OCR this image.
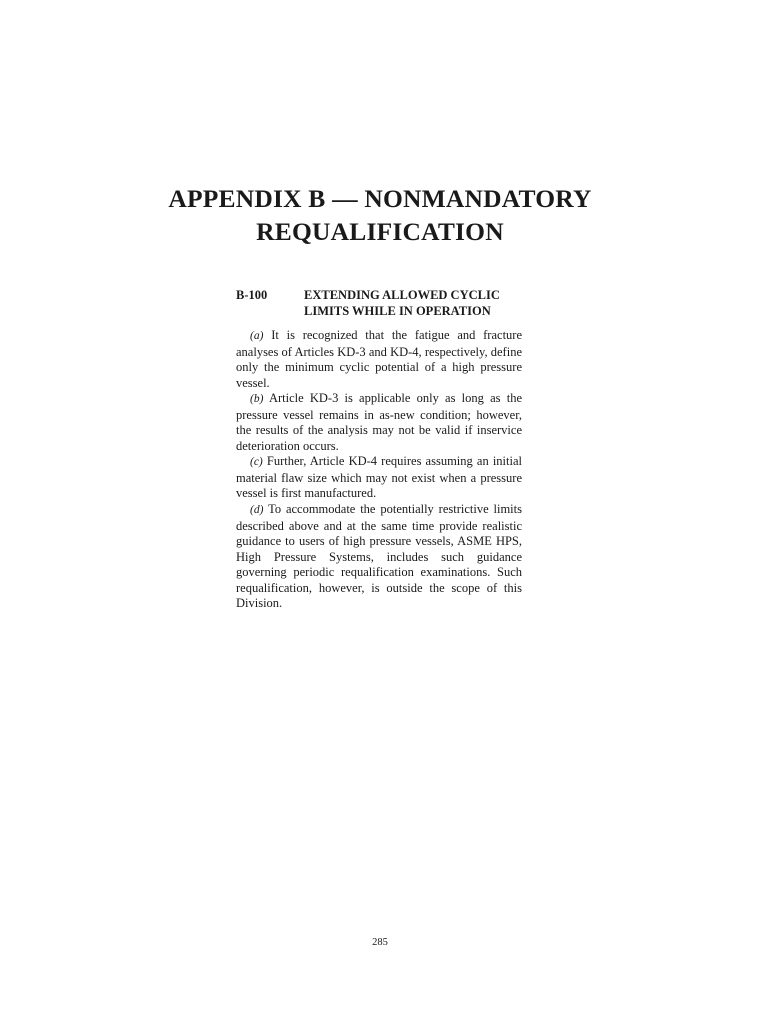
APPENDIX B — NONMANDATORY
REQUALIFICATION
B-100	EXTENDING ALLOWED CYCLIC
LIMITS WHILE IN OPERATION

(a) It is recognized that the fatigue and fracture analyses of Articles KD-3 and KD-4, respectively, define only the minimum cyclic potential of a high pressure vessel.

(b) Article KD-3 is applicable only as long as the pressure vessel remains in as-new condition; however, the results of the analysis may not be valid if inservice deterioration occurs.

(c) Further, Article KD-4 requires assuming an initial material flaw size which may not exist when a pressure vessel is first manufactured.

(d) To accommodate the potentially restrictive limits described above and at the same time provide realistic guidance to users of high pressure vessels, ASME HPS, High Pressure Systems, includes such guidance governing periodic requalification examinations. Such requalification, however, is outside the scope of this Division.

285
